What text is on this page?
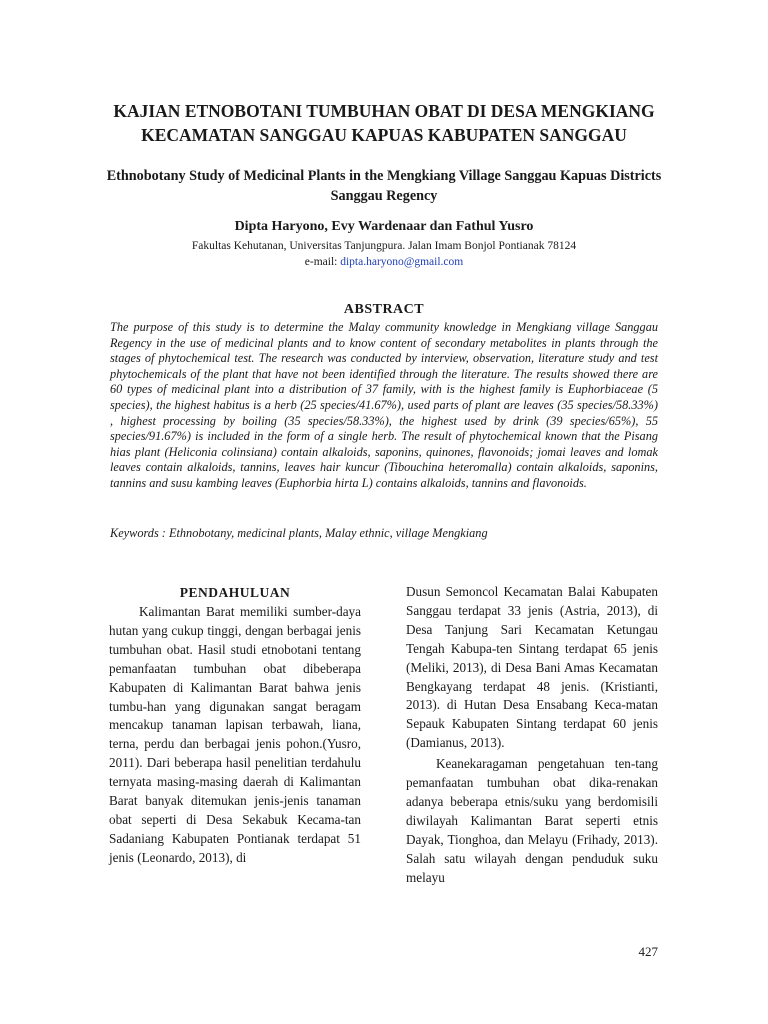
KAJIAN ETNOBOTANI TUMBUHAN OBAT DI DESA MENGKIANG KECAMATAN SANGGAU KAPUAS KABUPATEN SANGGAU
Ethnobotany Study of Medicinal Plants in the Mengkiang Village Sanggau Kapuas Districts Sanggau Regency
Dipta Haryono, Evy Wardenaar dan Fathul Yusro
Fakultas Kehutanan, Universitas Tanjungpura. Jalan Imam Bonjol Pontianak 78124
e-mail: dipta.haryono@gmail.com
ABSTRACT

The purpose of this study is to determine the Malay community knowledge in Mengkiang village Sanggau Regency in the use of medicinal plants and to know content of secondary metabolites in plants through the stages of phytochemical test. The research was conducted by interview, observation, literature study and test phytochemicals of the plant that have not been identified through the literature. The results showed there are 60 types of medicinal plant into a distribution of 37 family, with is the highest family is Euphorbiaceae (5 species), the highest habitus is a herb (25 species/41.67%), used parts of plant are leaves (35 species/58.33%) , highest processing by boiling (35 species/58.33%), the highest used by drink (39 species/65%), 55 species/91.67%) is included in the form of a single herb. The result of phytochemical known that the Pisang hias plant (Heliconia colinsiana) contain alkaloids, saponins, quinones, flavonoids; jomai leaves and lomak leaves contain alkaloids, tannins, leaves hair kuncur (Tibouchina heteromalla) contain alkaloids, saponins, tannins and susu kambing leaves (Euphorbia hirta L) contains alkaloids, tannins and flavonoids.

Keywords : Ethnobotany, medicinal plants, Malay ethnic, village Mengkiang

PENDAHULUAN

Kalimantan Barat memiliki sumber-daya hutan yang cukup tinggi, dengan berbagai jenis tumbuhan obat. Hasil studi etnobotani tentang pemanfaatan tumbuhan obat dibeberapa Kabupaten di Kalimantan Barat bahwa jenis tumbu-han yang digunakan sangat beragam mencakup tanaman lapisan terbawah, liana, terna, perdu dan berbagai jenis pohon.(Yusro, 2011). Dari beberapa hasil penelitian terdahulu ternyata masing-masing daerah di Kalimantan Barat banyak ditemukan jenis-jenis tanaman obat seperti di Desa Sekabuk Kecama-tan Sadaniang Kabupaten Pontianak terdapat 51 jenis (Leonardo, 2013), di

Dusun Semoncol Kecamatan Balai Kabupaten Sanggau terdapat 33 jenis (Astria, 2013), di Desa Tanjung Sari Kecamatan Ketungau Tengah Kabupa-ten Sintang terdapat 65 jenis (Meliki, 2013), di Desa Bani Amas Kecamatan Bengkayang terdapat 48 jenis. (Kristianti, 2013). di Hutan Desa Ensabang Keca-matan Sepauk Kabupaten Sintang terdapat 60 jenis (Damianus, 2013).

Keanekaragaman pengetahuan ten-tang pemanfaatan tumbuhan obat dika-renakan adanya beberapa etnis/suku yang berdomisili diwilayah Kalimantan Barat seperti etnis Dayak, Tionghoa, dan Melayu (Frihady, 2013). Salah satu wilayah dengan penduduk suku melayu

427
